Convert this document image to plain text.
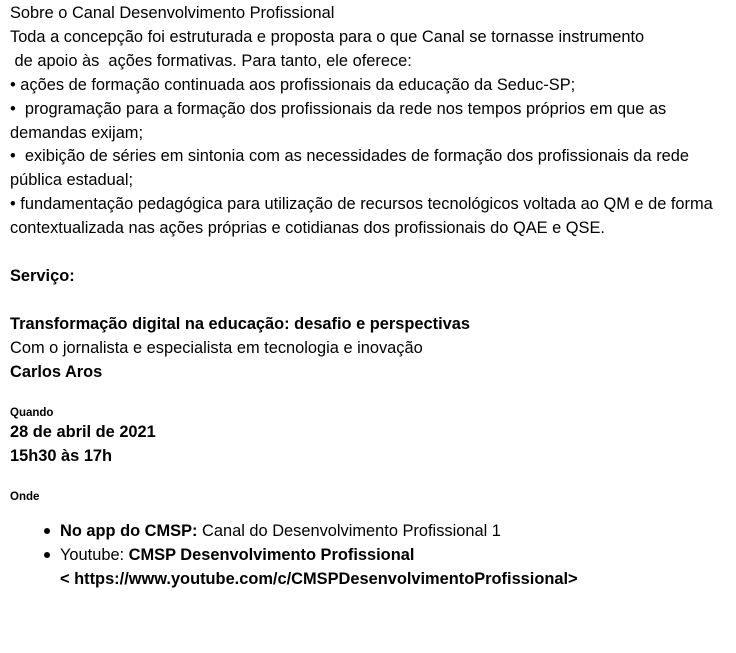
Sobre o Canal Desenvolvimento Profissional

Toda a concepção foi estruturada e proposta para o que Canal se tornasse instrumento

de apoio às  ações formativas. Para tanto, ele oferece:

• ações de formação continuada aos profissionais da educação da Seduc-SP;

•  programação para a formação dos profissionais da rede nos tempos próprios em que as demandas exijam;

•  exibição de séries em sintonia com as necessidades de formação dos profissionais da rede pública estadual;

• fundamentação pedagógica para utilização de recursos tecnológicos voltada ao QM e de forma contextualizada nas ações próprias e cotidianas dos profissionais do QAE e QSE.

Serviço:

Transformação digital na educação: desafio e perspectivas

Com o jornalista e especialista em tecnologia e inovação

Carlos Aros

Quando

28 de abril de 2021

15h30 às 17h

Onde

No app do CMSP: Canal do Desenvolvimento Profissional 1
Youtube: CMSP Desenvolvimento Profissional
< https://www.youtube.com/c/CMSPDesenvolvimentoProfissional>
